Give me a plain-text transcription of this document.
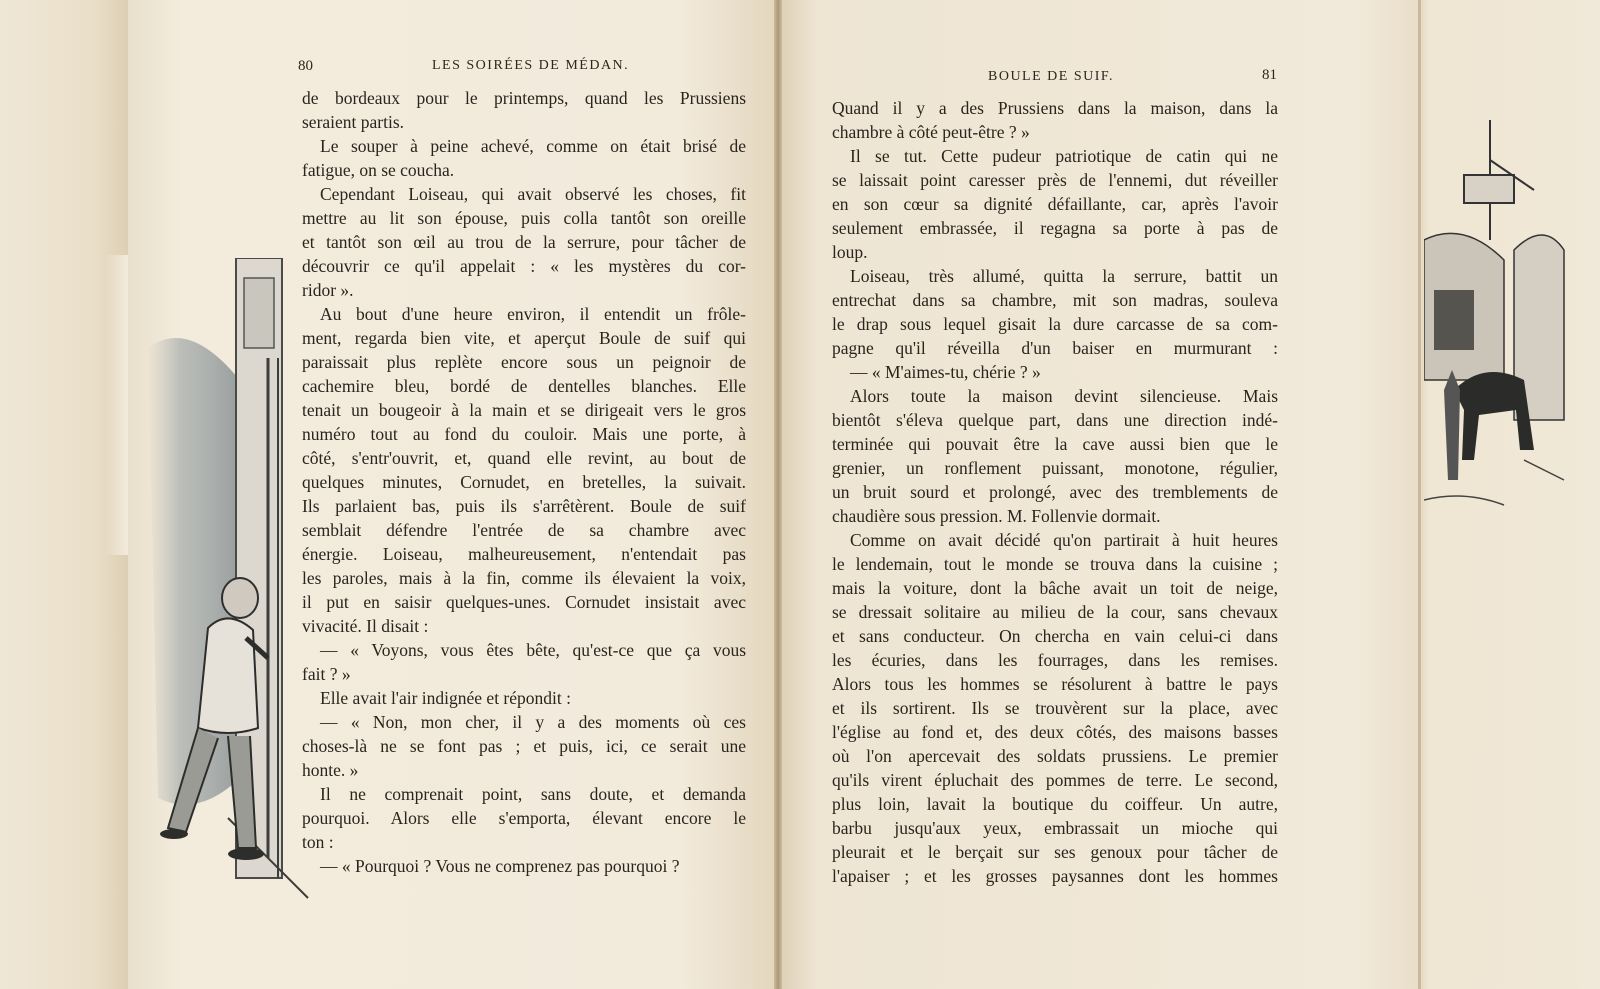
80	LES SOIRÉES DE MÉDAN.
BOULE DE SUIF.	81
de bordeaux pour le printemps, quand les Prussiens
seraient partis.
Le souper à peine achevé, comme on était brisé de
fatigue, on se coucha.
Cependant Loiseau, qui avait observé les choses, fit
mettre au lit son épouse, puis colla tantôt son oreille
et tantôt son œil au trou de la serrure, pour tâcher de
découvrir ce qu'il appelait : « les mystères du cor-
ridor ».
Au bout d'une heure environ, il entendit un frôle-
ment, regarda bien vite, et aperçut Boule de suif qui
paraissait plus replète encore sous un peignoir de
cachemire bleu, bordé de dentelles blanches. Elle
tenait un bougeoir à la main et se dirigeait vers le gros
numéro tout au fond du couloir. Mais une porte, à
côté, s'entr'ouvrit, et, quand elle revint, au bout de
quelques minutes, Cornudet, en bretelles, la suivait.
Ils parlaient bas, puis ils s'arrêtèrent. Boule de suif
semblait défendre l'entrée de sa chambre avec
énergie. Loiseau, malheureusement, n'entendait pas
les paroles, mais à la fin, comme ils élevaient la voix,
il put en saisir quelques-unes. Cornudet insistait avec
vivacité. Il disait :
— « Voyons, vous êtes bête, qu'est-ce que ça vous
fait ? »
Elle avait l'air indignée et répondit :
— « Non, mon cher, il y a des moments où ces
choses-là ne se font pas ; et puis, ici, ce serait une
honte. »
Il ne comprenait point, sans doute, et demanda
pourquoi. Alors elle s'emporta, élevant encore le
ton :
— « Pourquoi ? Vous ne comprenez pas pourquoi ?
Quand il y a des Prussiens dans la maison, dans la
chambre à côté peut-être ? »
Il se tut. Cette pudeur patriotique de catin qui ne
se laissait point caresser près de l'ennemi, dut réveiller
en son cœur sa dignité défaillante, car, après l'avoir
seulement embrassée, il regagna sa porte à pas de
loup.
Loiseau, très allumé, quitta la serrure, battit un
entrechat dans sa chambre, mit son madras, souleva
le drap sous lequel gisait la dure carcasse de sa com-
pagne qu'il réveilla d'un baiser en murmurant :
— « M'aimes-tu, chérie ? »
Alors toute la maison devint silencieuse. Mais
bientôt s'éleva quelque part, dans une direction indé-
terminée qui pouvait être la cave aussi bien que le
grenier, un ronflement puissant, monotone, régulier,
un bruit sourd et prolongé, avec des tremblements de
chaudière sous pression. M. Follenvie dormait.
Comme on avait décidé qu'on partirait à huit heures
le lendemain, tout le monde se trouva dans la cuisine ;
mais la voiture, dont la bâche avait un toit de neige,
se dressait solitaire au milieu de la cour, sans chevaux
et sans conducteur. On chercha en vain celui-ci dans
les écuries, dans les fourrages, dans les remises.
Alors tous les hommes se résolurent à battre le pays
et ils sortirent. Ils se trouvèrent sur la place, avec
l'église au fond et, des deux côtés, des maisons basses
où l'on apercevait des soldats prussiens. Le premier
qu'ils virent épluchait des pommes de terre. Le second,
plus loin, lavait la boutique du coiffeur. Un autre,
barbu jusqu'aux yeux, embrassait un mioche qui
pleurait et le berçait sur ses genoux pour tâcher de
l'apaiser ; et les grosses paysannes dont les hommes
